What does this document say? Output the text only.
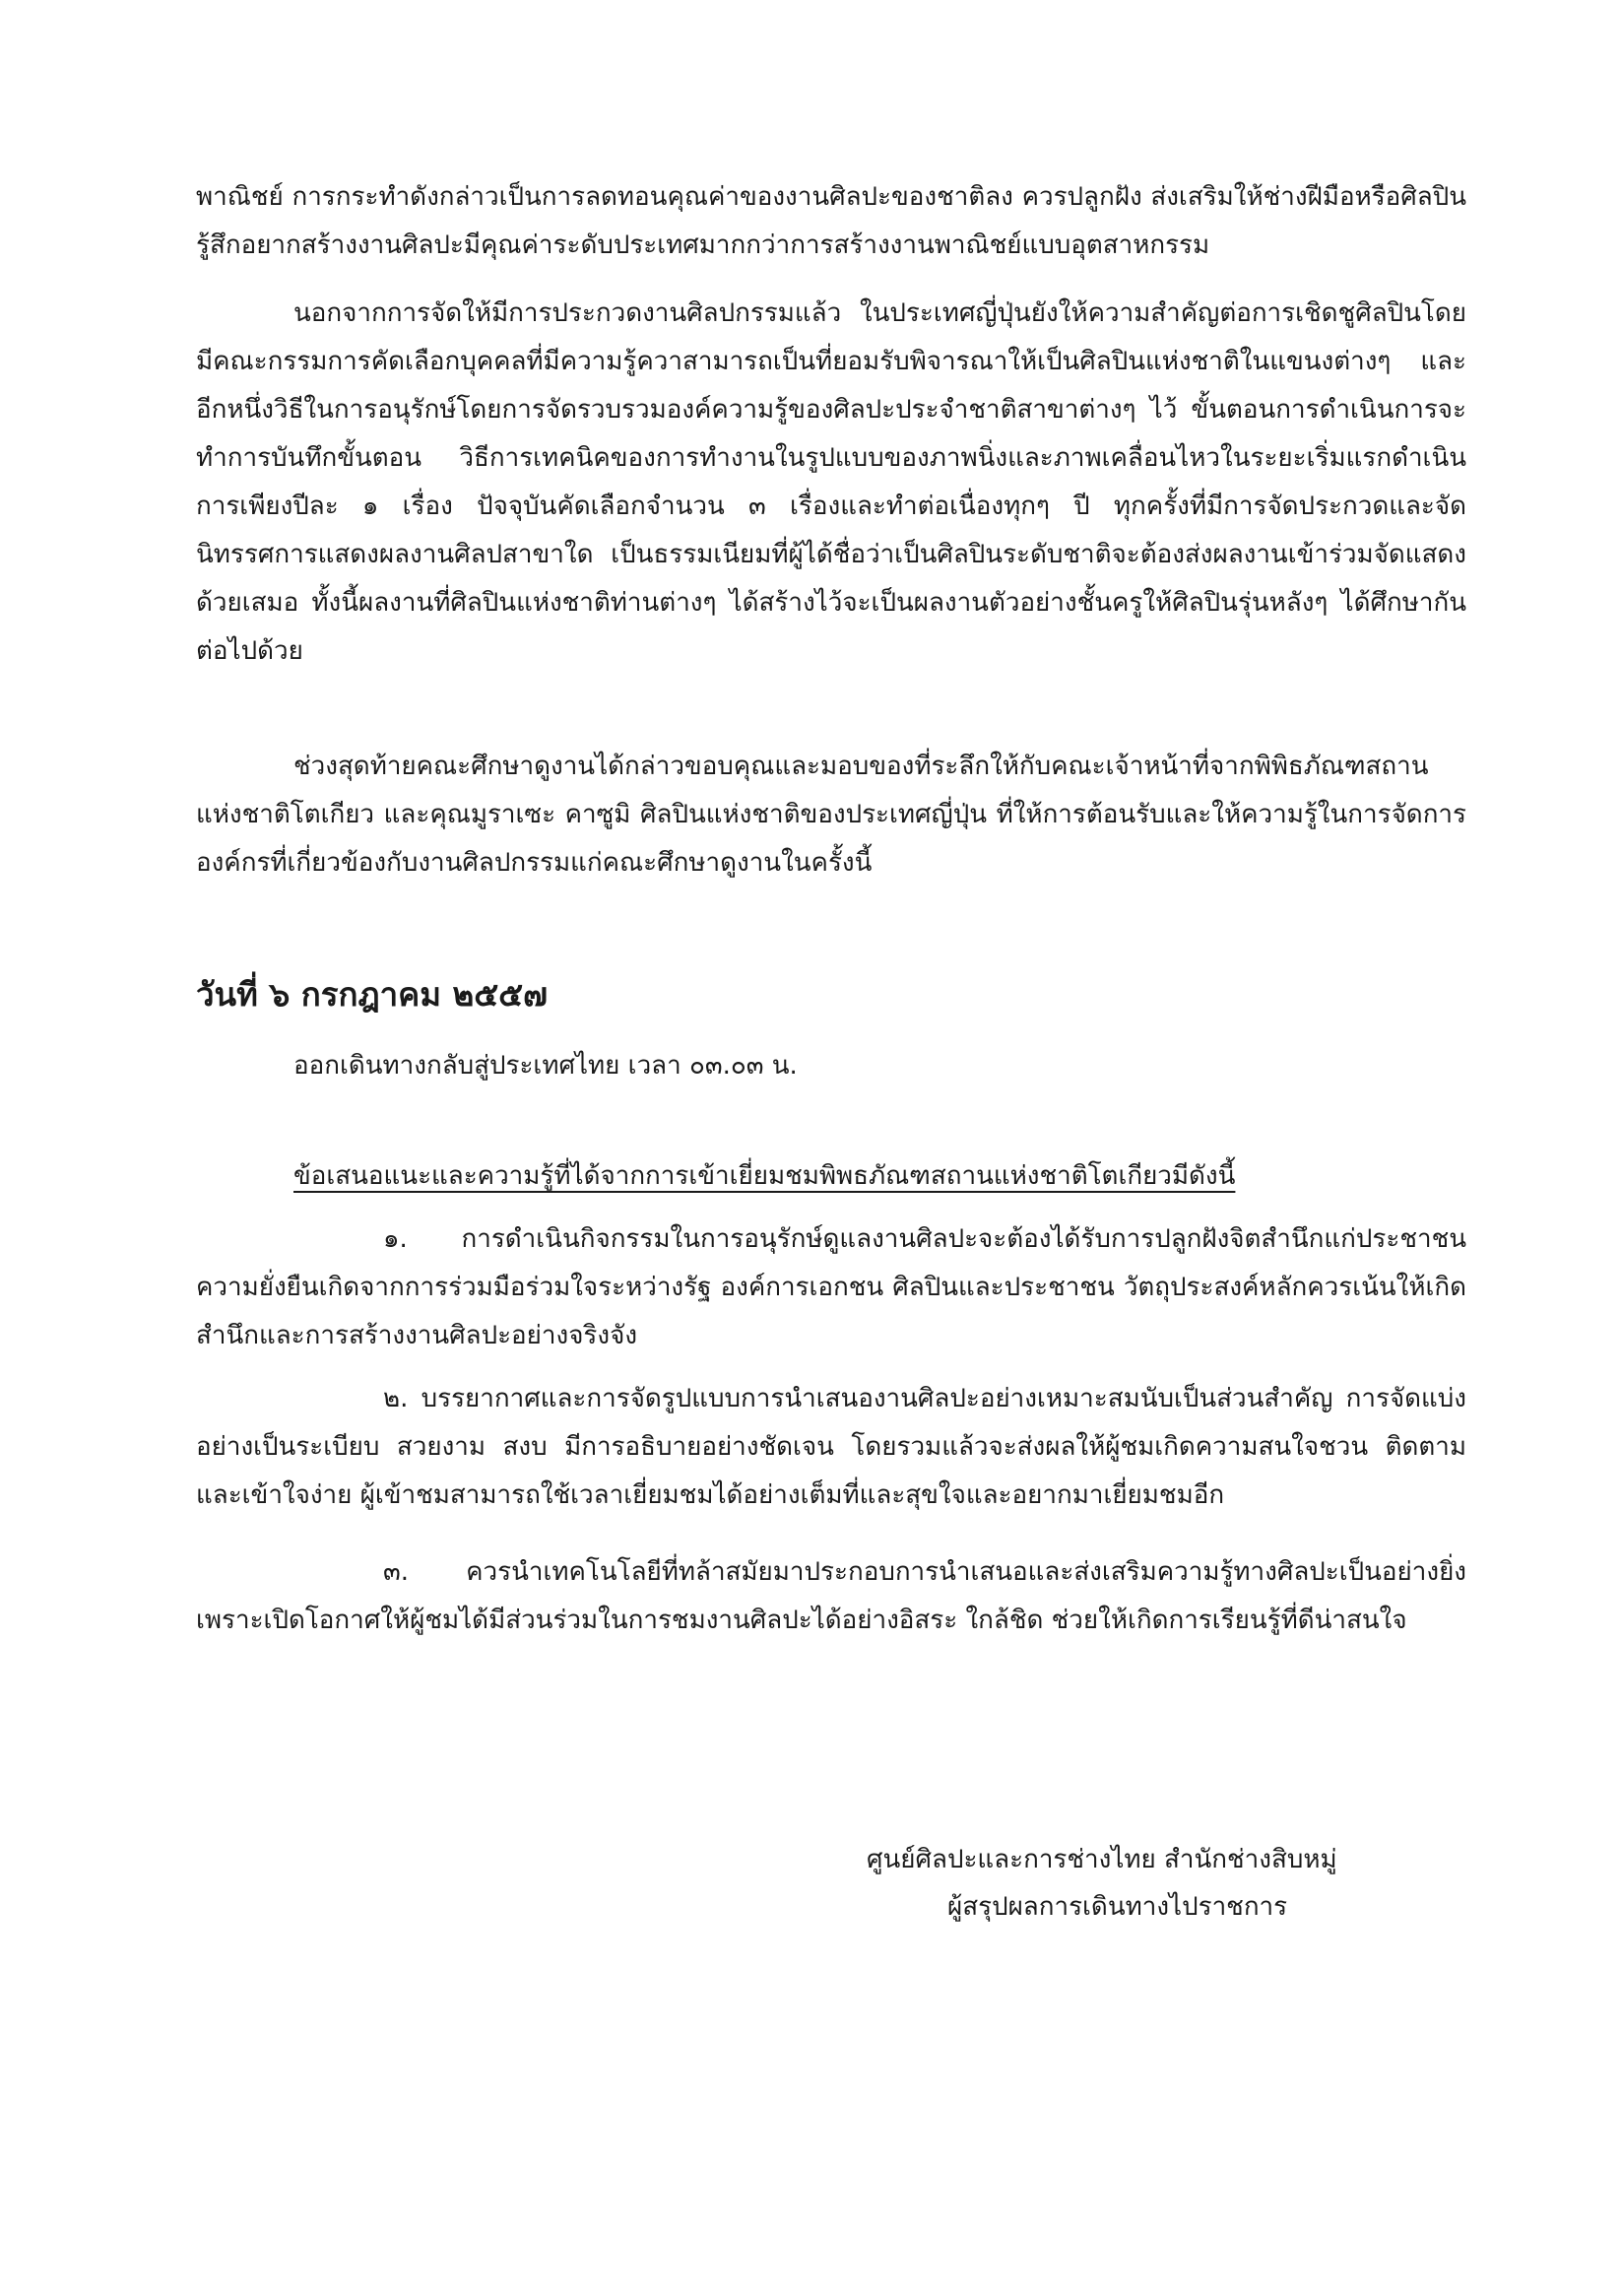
พาณิชย์ การกระทำดังกล่าวเป็นการลดทอนคุณค่าของงานศิลปะของชาติลง ควรปลูกฝัง ส่งเสริมให้ช่างฝีมือหรือศิลปินรู้สึกอยากสร้างงานศิลปะมีคุณค่าระดับประเทศมากกว่าการสร้างงานพาณิชย์แบบอุตสาหกรรม

นอกจากการจัดให้มีการประกวดงานศิลปกรรมแล้ว ในประเทศญี่ปุ่นยังให้ความสำคัญต่อการเชิดชูศิลปินโดยมีคณะกรรมการคัดเลือกบุคคลที่มีความรู้ควาสามารถเป็นที่ยอมรับพิจารณาให้เป็นศิลปินแห่งชาติในแขนงต่างๆ และอีกหนึ่งวิธีในการอนุรักษ์โดยการจัดรวบรวมองค์ความรู้ของศิลปะประจำชาติสาขาต่างๆ ไว้ ขั้นตอนการดำเนินการจะทำการบันทึกขั้นตอน วิธีการเทคนิคของการทำงานในรูปแบบของภาพนิ่งและภาพเคลื่อนไหวในระยะเริ่มแรกดำเนินการเพียงปีละ ๑ เรื่อง ปัจจุบันคัดเลือกจำนวน ๓ เรื่องและทำต่อเนื่องทุกๆ ปี ทุกครั้งที่มีการจัดประกวดและจัดนิทรรศการแสดงผลงานศิลปสาขาใด เป็นธรรมเนียมที่ผู้ได้ชื่อว่าเป็นศิลปินระดับชาติจะต้องส่งผลงานเข้าร่วมจัดแสดงด้วยเสมอ ทั้งนี้ผลงานที่ศิลปินแห่งชาติท่านต่างๆ ได้สร้างไว้จะเป็นผลงานตัวอย่างชั้นครูให้ศิลปินรุ่นหลังๆ ได้ศึกษากันต่อไปด้วย

ช่วงสุดท้ายคณะศึกษาดูงานได้กล่าวขอบคุณและมอบของที่ระลึกให้กับคณะเจ้าหน้าที่จากพิพิธภัณฑสถานแห่งชาติโตเกียว และคุณมูราเซะ คาซูมิ ศิลปินแห่งชาติของประเทศญี่ปุ่น ที่ให้การต้อนรับและให้ความรู้ในการจัดการองค์กรที่เกี่ยวข้องกับงานศิลปกรรมแก่คณะศึกษาดูงานในครั้งนี้

วันที่ ๖ กรกฎาคม ๒๕๕๗
ออกเดินทางกลับสู่ประเทศไทย เวลา ๐๓.๐๓ น.
ข้อเสนอแนะและความรู้ที่ได้จากการเข้าเยี่ยมชมพิพธภัณฑสถานแห่งชาติโตเกียวมีดังนี้

๑. การดำเนินกิจกรรมในการอนุรักษ์ดูแลงานศิลปะจะต้องได้รับการปลูกฝังจิตสำนึกแก่ประชาชน ความยั่งยืนเกิดจากการร่วมมือร่วมใจระหว่างรัฐ องค์การเอกชน ศิลปินและประชาชน วัตถุประสงค์หลักควรเน้นให้เกิดสำนึกและการสร้างงานศิลปะอย่างจริงจัง

๒. บรรยากาศและการจัดรูปแบบการนำเสนองานศิลปะอย่างเหมาะสมนับเป็นส่วนสำคัญ การจัดแบ่งอย่างเป็นระเบียบ สวยงาม สงบ มีการอธิบายอย่างชัดเจน โดยรวมแล้วจะส่งผลให้ผู้ชมเกิดความสนใจชวน ติดตามและเข้าใจง่าย ผู้เข้าชมสามารถใช้เวลาเยี่ยมชมได้อย่างเต็มที่และสุขใจและอยากมาเยี่ยมชมอีก

๓. ควรนำเทคโนโลยีที่ทล้าสมัยมาประกอบการนำเสนอและส่งเสริมความรู้ทางศิลปะเป็นอย่างยิ่ง เพราะเปิดโอกาศให้ผู้ชมได้มีส่วนร่วมในการชมงานศิลปะได้อย่างอิสระ ใกล้ชิด ช่วยให้เกิดการเรียนรู้ที่ดีน่าสนใจ

ศูนย์ศิลปะและการช่างไทย สำนักช่างสิบหมู่
ผู้สรุปผลการเดินทางไปราชการ
